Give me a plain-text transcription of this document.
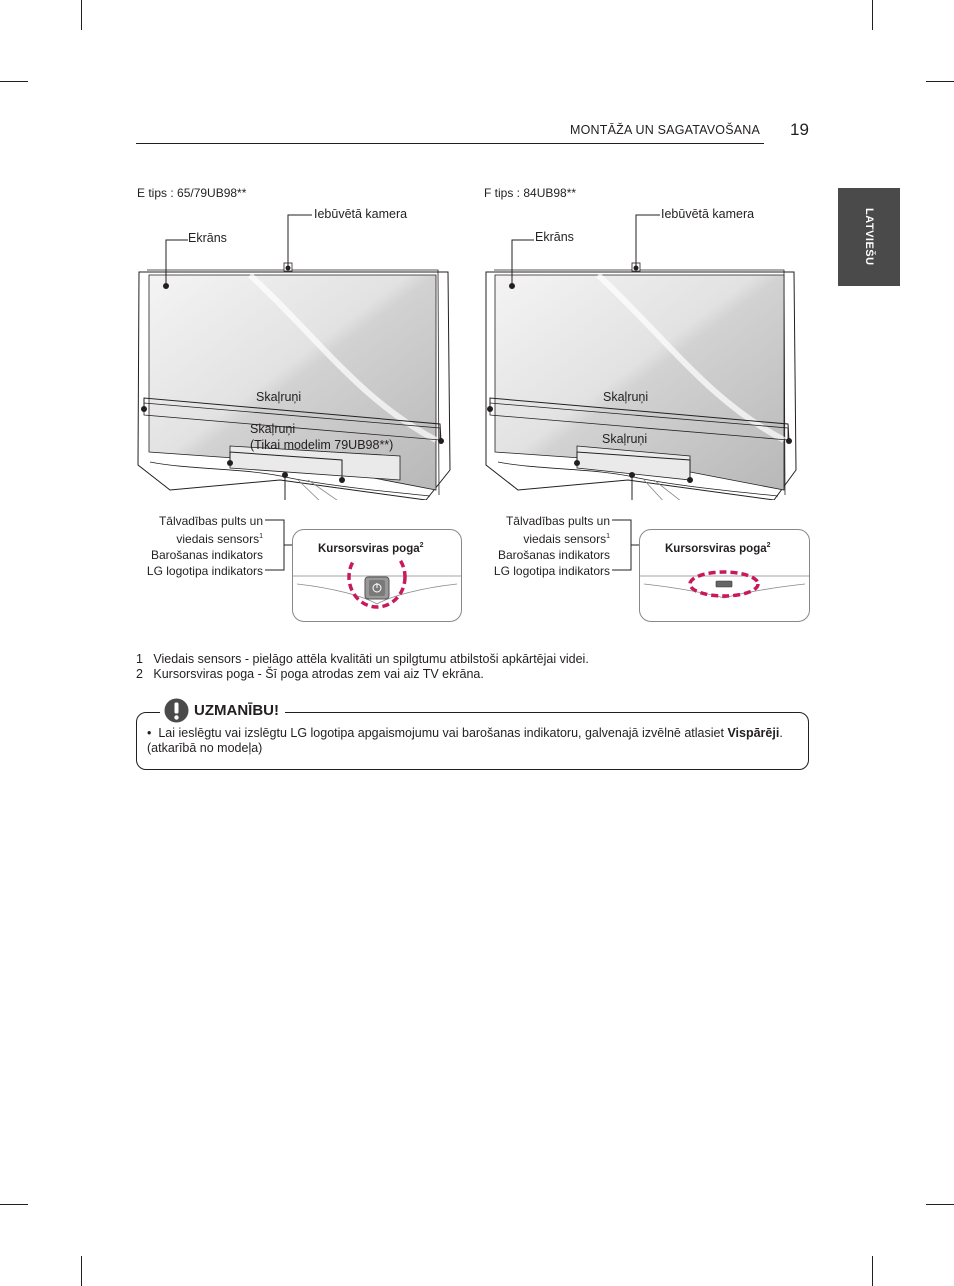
MONTĀŽA UN SAGATAVOŠANA 19
LATVIEŠU
E tips : 65/79UB98**
Iebūvētā kamera
Ekrāns
Skaļruņi
Skaļruņi
(Tikai modelim 79UB98**)
Tālvadības pults un
viedais sensors$^1$
Barošanas indikators
LG logotipa indikators
Kursorsviras poga$^2$
F tips : 84UB98**
Iebūvētā kamera
Ekrāns
Skaļruņi
Skaļruņi
Tālvadības pults un
viedais sensors$^1$
Barošanas indikators
LG logotipa indikators
Kursorsviras poga$^2$
1 Viedais sensors - pielāgo attēla kvalitāti un spilgtumu atbilstoši apkārtējai videi.
2 Kursorsviras poga - Šī poga atrodas zem vai aiz TV ekrāna.
UZMANĪBU!
• Lai ieslēgtu vai izslēgtu LG logotipa apgaismojumu vai barošanas indikatoru, galvenajā izvēlnē atlasiet Vispārēji. (atkarībā no modeļa)
